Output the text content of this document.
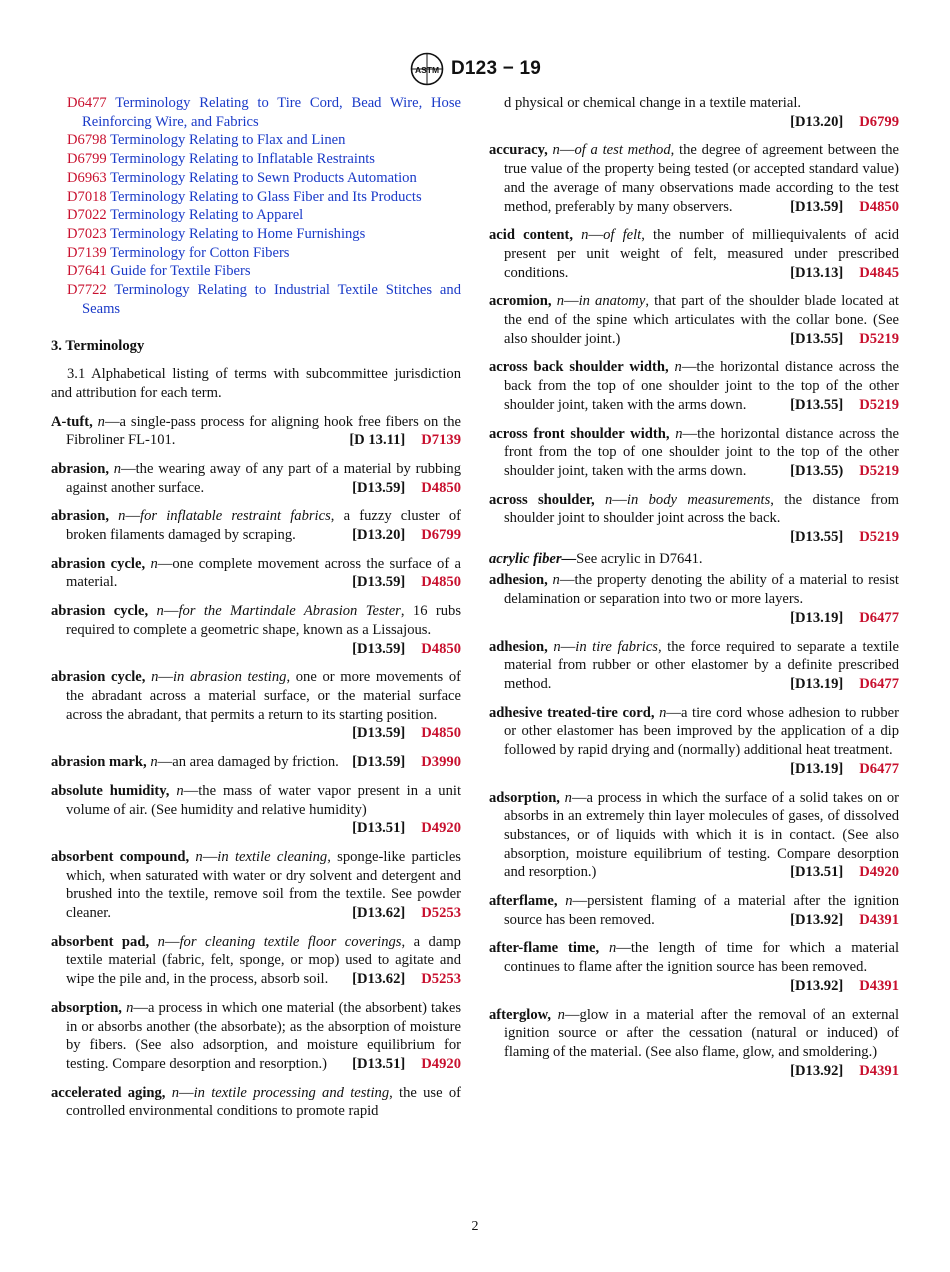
ASTM D123 − 19
D6477 Terminology Relating to Tire Cord, Bead Wire, Hose Reinforcing Wire, and Fabrics
D6798 Terminology Relating to Flax and Linen
D6799 Terminology Relating to Inflatable Restraints
D6963 Terminology Relating to Sewn Products Automation
D7018 Terminology Relating to Glass Fiber and Its Products
D7022 Terminology Relating to Apparel
D7023 Terminology Relating to Home Furnishings
D7139 Terminology for Cotton Fibers
D7641 Guide for Textile Fibers
D7722 Terminology Relating to Industrial Textile Stitches and Seams
3. Terminology
3.1 Alphabetical listing of terms with subcommittee jurisdiction and attribution for each term.
A-tuft, n—a single-pass process for aligning hook free fibers on the Fibroliner FL-101.	[D 13.11] D7139
abrasion, n—the wearing away of any part of a material by rubbing against another surface.	[D13.59] D4850
abrasion, n—for inflatable restraint fabrics, a fuzzy cluster of broken filaments damaged by scraping.	[D13.20] D6799
abrasion cycle, n—one complete movement across the surface of a material.	[D13.59] D4850
abrasion cycle, n—for the Martindale Abrasion Tester, 16 rubs required to complete a geometric shape, known as a Lissajous.
[D13.59] D4850
abrasion cycle, n—in abrasion testing, one or more movements of the abradant across a material surface, or the material surface across the abradant, that permits a return to its starting position.
[D13.59] D4850
abrasion mark, n—an area damaged by friction. [D13.59] D3990
absolute humidity, n—the mass of water vapor present in a unit volume of air. (See humidity and relative humidity)
[D13.51] D4920
absorbent compound, n—in textile cleaning, sponge-like particles which, when saturated with water or dry solvent and detergent and brushed into the textile, remove soil from the textile. See powder cleaner.	[D13.62] D5253
absorbent pad, n—for cleaning textile floor coverings, a damp textile material (fabric, felt, sponge, or mop) used to agitate and wipe the pile and, in the process, absorb soil.	[D13.62] D5253
absorption, n—a process in which one material (the absorbent) takes in or absorbs another (the absorbate); as the absorption of moisture by fibers. (See also adsorption, and moisture equilibrium for testing. Compare desorption and resorption.)	[D13.51] D4920
accelerated aging, n—in textile processing and testing, the use of controlled environmental conditions to promote rapid
d physical or chemical change in a textile material.
[D13.20] D6799
accuracy, n—of a test method, the degree of agreement between the true value of the property being tested (or accepted standard value) and the average of many observations made according to the test method, preferably by many observers.	[D13.59] D4850
acid content, n—of felt, the number of milliequivalents of acid present per unit weight of felt, measured under prescribed conditions.	[D13.13] D4845
acromion, n—in anatomy, that part of the shoulder blade located at the end of the spine which articulates with the collar bone. (See also shoulder joint.)	[D13.55] D5219
across back shoulder width, n—the horizontal distance across the back from the top of one shoulder joint to the top of the other shoulder joint, taken with the arms down.	[D13.55] D5219
across front shoulder width, n—the horizontal distance across the front from the top of one shoulder joint to the top of the other shoulder joint, taken with the arms down.	[D13.55) D5219
across shoulder, n—in body measurements, the distance from shoulder joint to shoulder joint across the back.
[D13.55] D5219
acrylic fiber—See acrylic in D7641.
adhesion, n—the property denoting the ability of a material to resist delamination or separation into two or more layers.
[D13.19] D6477
adhesion, n—in tire fabrics, the force required to separate a textile material from rubber or other elastomer by a definite prescribed method.	[D13.19] D6477
adhesive treated-tire cord, n—a tire cord whose adhesion to rubber or other elastomer has been improved by the application of a dip followed by rapid drying and (normally) additional heat treatment.
[D13.19] D6477
adsorption, n—a process in which the surface of a solid takes on or absorbs in an extremely thin layer molecules of gases, of dissolved substances, or of liquids with which it is in contact. (See also absorption, moisture equilibrium of testing. Compare desorption and resorption.)	[D13.51] D4920
afterflame, n—persistent flaming of a material after the ignition source has been removed.	[D13.92] D4391
after-flame time, n—the length of time for which a material continues to flame after the ignition source has been removed.
[D13.92] D4391
afterglow, n—glow in a material after the removal of an external ignition source or after the cessation (natural or induced) of flaming of the material. (See also flame, glow, and smoldering.)
[D13.92] D4391
2
